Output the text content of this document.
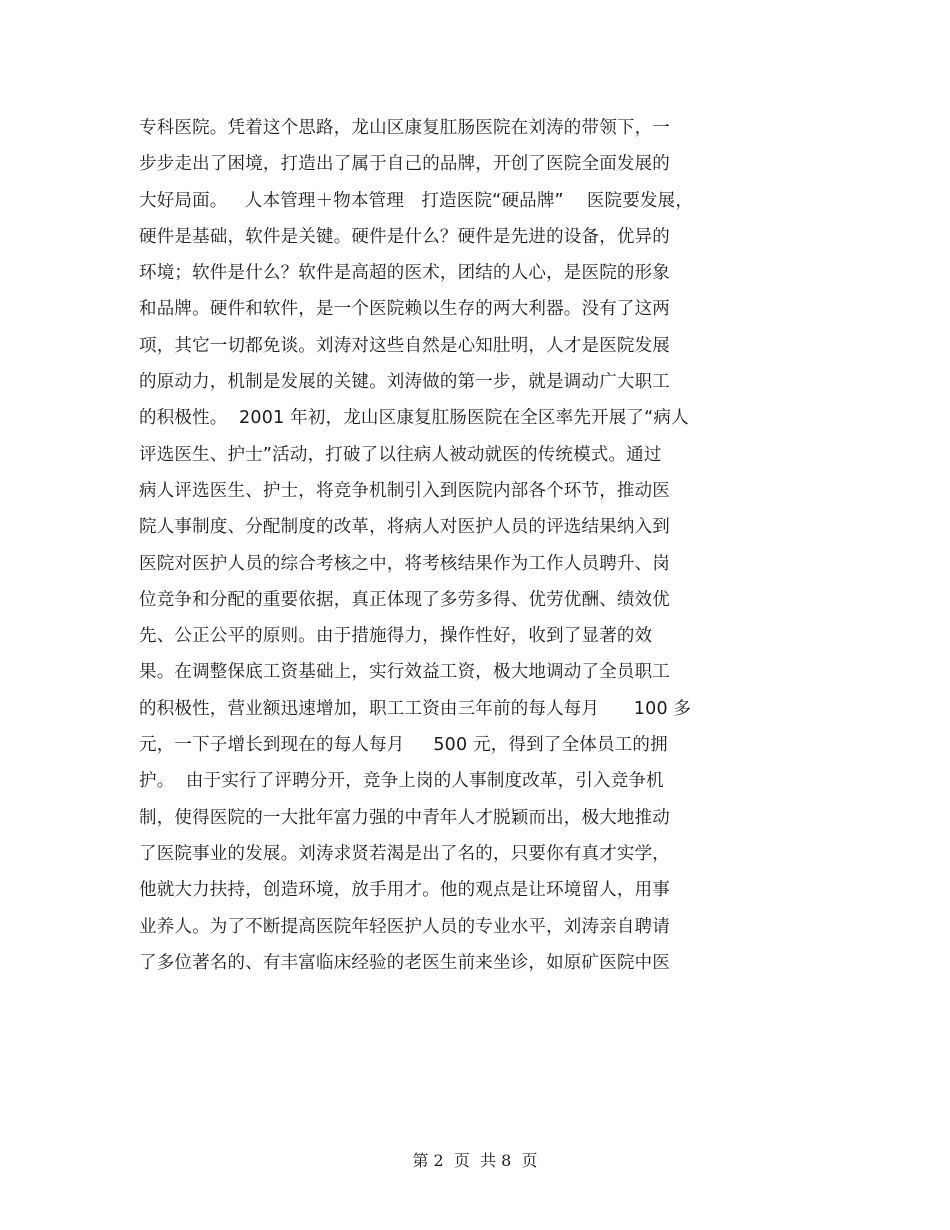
专科医院。凭着这个思路，龙山区康复肛肠医院在刘涛的带领下，一
步步走出了困境，打造出了属于自己的品牌，开创了医院全面发展的
大好局面。   人本管理＋物本管理   打造医院“硬品牌”    医院要发展，
硬件是基础，软件是关键。硬件是什么？硬件是先进的设备，优异的
环境；软件是什么？软件是高超的医术，团结的人心，是医院的形象
和品牌。硬件和软件，是一个医院赖以生存的两大利器。没有了这两
项，其它一切都免谈。刘涛对这些自然是心知肚明，人才是医院发展
的原动力，机制是发展的关键。刘涛做的第一步，就是调动广大职工
的积极性。  2001 年初，龙山区康复肛肠医院在全区率先开展了“病人
评选医生、护士”活动，打破了以往病人被动就医的传统模式。通过
病人评选医生、护士，将竞争机制引入到医院内部各个环节，推动医
院人事制度、分配制度的改革，将病人对医护人员的评选结果纳入到
医院对医护人员的综合考核之中，将考核结果作为工作人员聘升、岗
位竞争和分配的重要依据，真正体现了多劳多得、优劳优酬、绩效优
先、公正公平的原则。由于措施得力，操作性好，收到了显著的效
果。在调整保底工资基础上，实行效益工资，极大地调动了全员职工
的积极性，营业额迅速增加，职工工资由三年前的每人每月      100 多
元，一下子增长到现在的每人每月     500 元，得到了全体员工的拥
护。  由于实行了评聘分开，竞争上岗的人事制度改革，引入竞争机
制，使得医院的一大批年富力强的中青年人才脱颖而出，极大地推动
了医院事业的发展。刘涛求贤若渴是出了名的，只要你有真才实学，
他就大力扶持，创造环境，放手用才。他的观点是让环境留人，用事
业养人。为了不断提高医院年轻医护人员的专业水平，刘涛亲自聘请
了多位著名的、有丰富临床经验的老医生前来坐诊，如原矿医院中医
第 2  页  共 8  页
